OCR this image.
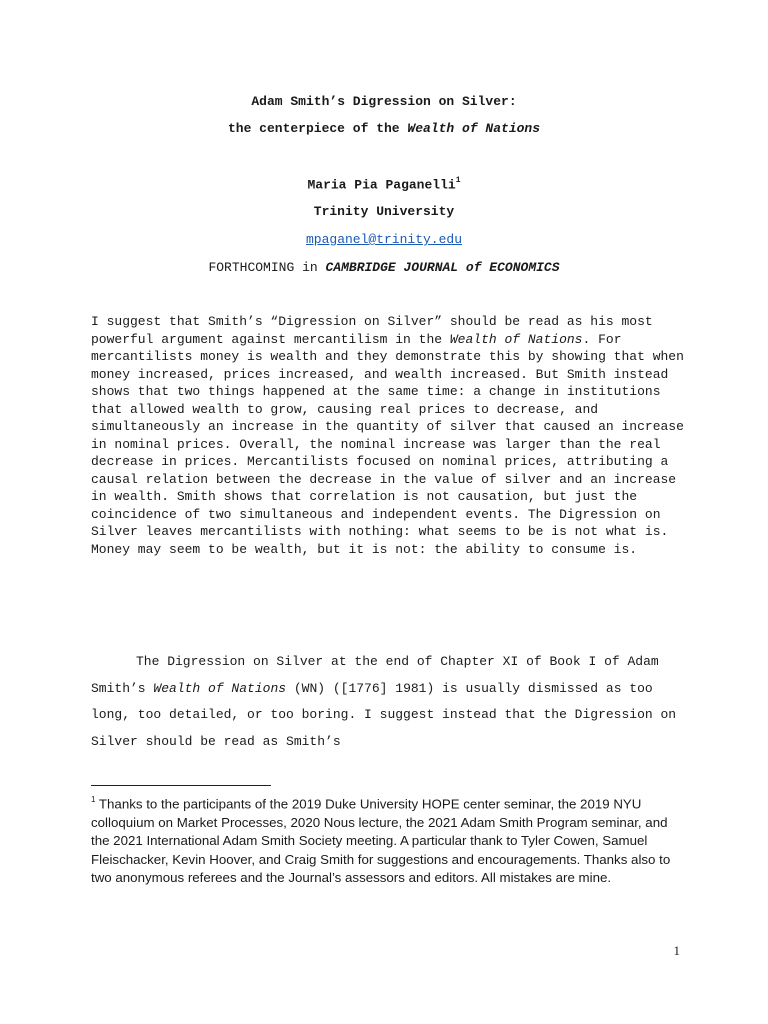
Adam Smith’s Digression on Silver:
the centerpiece of the Wealth of Nations
Maria Pia Paganelli$^1$
Trinity University
mpaganel@trinity.edu
FORTHCOMING in CAMBRIDGE JOURNAL of ECONOMICS

I suggest that Smith’s “Digression on Silver” should be read as his most powerful argument against mercantilism in the Wealth of Nations. For mercantilists money is wealth and they demonstrate this by showing that when money increased, prices increased, and wealth increased. But Smith instead shows that two things happened at the same time: a change in institutions that allowed wealth to grow, causing real prices to decrease, and simultaneously an increase in the quantity of silver that caused an increase in nominal prices. Overall, the nominal increase was larger than the real decrease in prices. Mercantilists focused on nominal prices, attributing a causal relation between the decrease in the value of silver and an increase in wealth. Smith shows that correlation is not causation, but just the coincidence of two simultaneous and independent events. The Digression on Silver leaves mercantilists with nothing: what seems to be is not what is. Money may seem to be wealth, but it is not: the ability to consume is.

The Digression on Silver at the end of Chapter XI of Book I of Adam Smith’s Wealth of Nations (WN) ([1776] 1981) is usually dismissed as too long, too detailed, or too boring. I suggest instead that the Digression on Silver should be read as Smith’s

$^1$ Thanks to the participants of the 2019 Duke University HOPE center seminar, the 2019 NYU colloquium on Market Processes, 2020 Nous lecture, the 2021 Adam Smith Program seminar, and the 2021 International Adam Smith Society meeting. A particular thank to Tyler Cowen, Samuel Fleischacker, Kevin Hoover, and Craig Smith for suggestions and encouragements. Thanks also to two anonymous referees and the Journal’s assessors and editors. All mistakes are mine.

1
